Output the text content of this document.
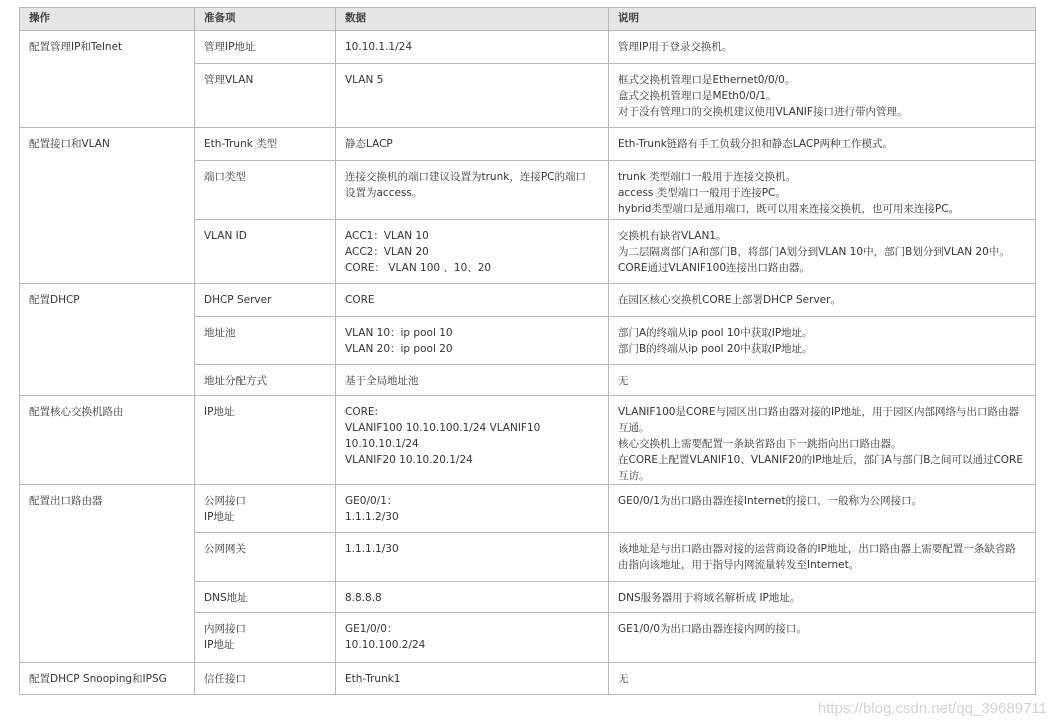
操作	准备项	数据	说明
配置管理IP和Telnet	管理IP地址	10.10.1.1/24	管理IP用于登录交换机。

	管理VLAN	VLAN 5	框式交换机管理口是Ethernet0/0/0。
盒式交换机管理口是MEth0/0/1。
对于没有管理口的交换机建议使用VLANIF接口进行带内管理。

配置接口和VLAN	Eth-Trunk 类型	静态LACP	Eth-Trunk链路有手工负载分担和静态LACP两种工作模式。

	端口类型	连接交换机的端口建议设置为trunk，连接PC的端口
设置为access。	trunk 类型端口一般用于连接交换机。
access 类型端口一般用于连接PC。
hybrid类型端口是通用端口，既可以用来连接交换机，也可用来连接PC。

	VLAN ID	ACC1：VLAN 10
ACC2：VLAN 20
CORE： VLAN 100 、10、20	交换机有缺省VLAN1。
为二层隔离部门A和部门B，将部门A划分到VLAN 10中，部门B划分到VLAN 20中。
CORE通过VLANIF100连接出口路由器。

配置DHCP	DHCP Server	CORE	在园区核心交换机CORE上部署DHCP Server。

	地址池	VLAN 10：ip pool 10
VLAN 20：ip pool 20	部门A的终端从ip pool 10中获取IP地址。
部门B的终端从ip pool 20中获取IP地址。

	地址分配方式	基于全局地址池	无

配置核心交换机路由	IP地址	CORE:
VLANIF100 10.10.100.1/24 VLANIF10
10.10.10.1/24
VLANIF20 10.10.20.1/24	VLANIF100是CORE与园区出口路由器对接的IP地址，用于园区内部网络与出口路由器
互通。
核心交换机上需要配置一条缺省路由下一跳指向出口路由器。
在CORE上配置VLANIF10、VLANIF20的IP地址后，部门A与部门B之间可以通过CORE
互访。

配置出口路由器	公网接口
IP地址	GE0/0/1：
1.1.1.2/30	GE0/0/1为出口路由器连接Internet的接口，一般称为公网接口。

	公网网关	1.1.1.1/30	该地址是与出口路由器对接的运营商设备的IP地址，出口路由器上需要配置一条缺省路
由指向该地址，用于指导内网流量转发至Internet。

	DNS地址	8.8.8.8	DNS服务器用于将域名解析成 IP地址。

	内网接口
IP地址	GE1/0/0：
10.10.100.2/24	GE1/0/0为出口路由器连接内网的接口。

配置DHCP Snooping和IPSG	信任接口	Eth-Trunk1	无
https://blog.csdn.net/qq_39689711
